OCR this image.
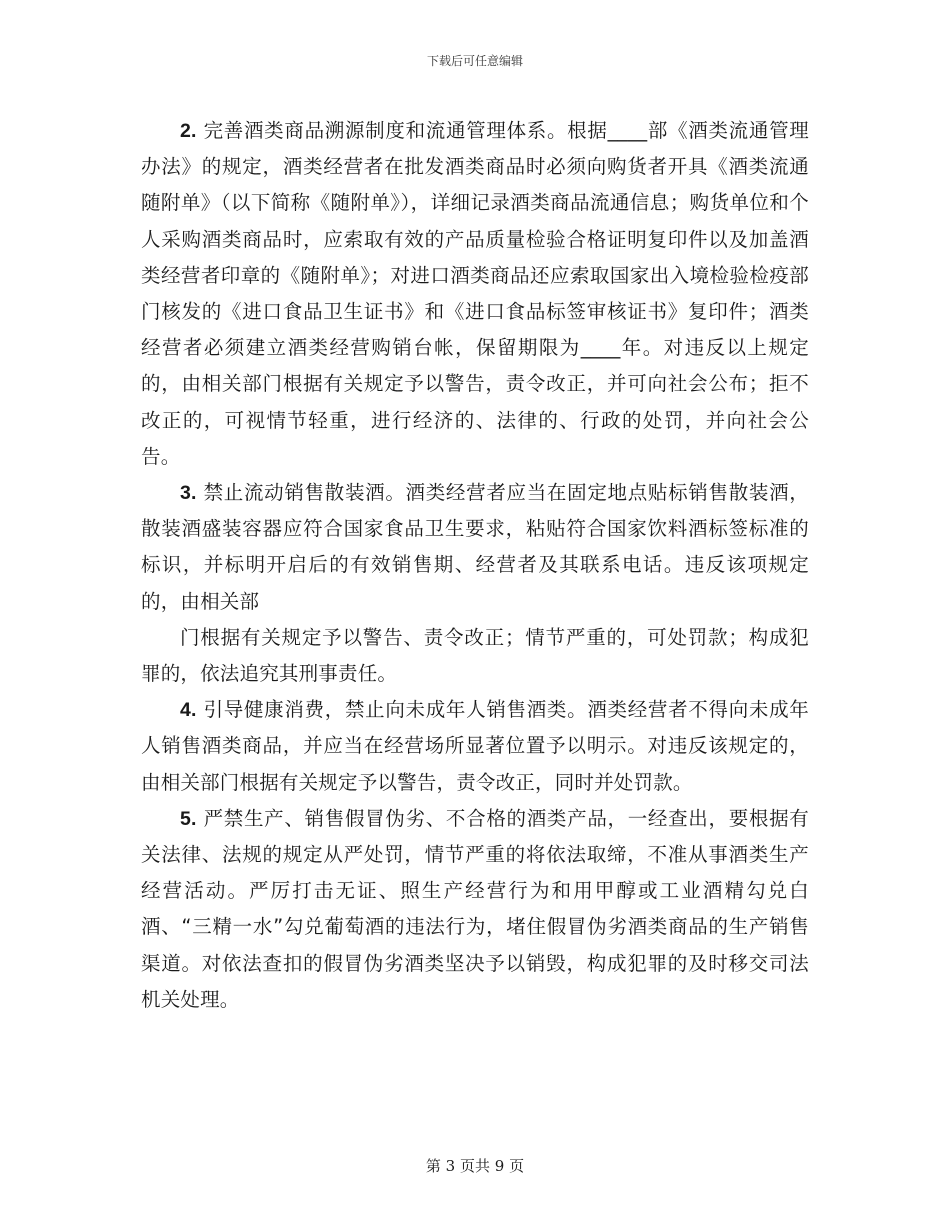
下载后可任意编辑

2. 完善酒类商品溯源制度和流通管理体系。根据____部《酒类流通管理办法》的规定，酒类经营者在批发酒类商品时必须向购货者开具《酒类流通随附单》（以下简称《随附单》），详细记录酒类商品流通信息；购货单位和个人采购酒类商品时，应索取有效的产品质量检验合格证明复印件以及加盖酒类经营者印章的《随附单》；对进口酒类商品还应索取国家出入境检验检疫部门核发的《进口食品卫生证书》和《进口食品标签审核证书》复印件；酒类经营者必须建立酒类经营购销台帐，保留期限为____年。对违反以上规定的，由相关部门根据有关规定予以警告，责令改正，并可向社会公布；拒不改正的，可视情节轻重，进行经济的、法律的、行政的处罚，并向社会公告。

3. 禁止流动销售散装酒。酒类经营者应当在固定地点贴标销售散装酒，散装酒盛装容器应符合国家食品卫生要求，粘贴符合国家饮料酒标签标准的标识，并标明开启后的有效销售期、经营者及其联系电话。违反该项规定的，由相关部

门根据有关规定予以警告、责令改正；情节严重的，可处罚款；构成犯罪的，依法追究其刑事责任。

4. 引导健康消费，禁止向未成年人销售酒类。酒类经营者不得向未成年人销售酒类商品，并应当在经营场所显著位置予以明示。对违反该规定的，由相关部门根据有关规定予以警告，责令改正，同时并处罚款。

5. 严禁生产、销售假冒伪劣、不合格的酒类产品，一经查出，要根据有关法律、法规的规定从严处罚，情节严重的将依法取缔，不准从事酒类生产经营活动。严厉打击无证、照生产经营行为和用甲醇或工业酒精勾兑白酒、“三精一水”勾兑葡萄酒的违法行为，堵住假冒伪劣酒类商品的生产销售渠道。对依法查扣的假冒伪劣酒类坚决予以销毁，构成犯罪的及时移交司法机关处理。

第 3 页共 9 页
